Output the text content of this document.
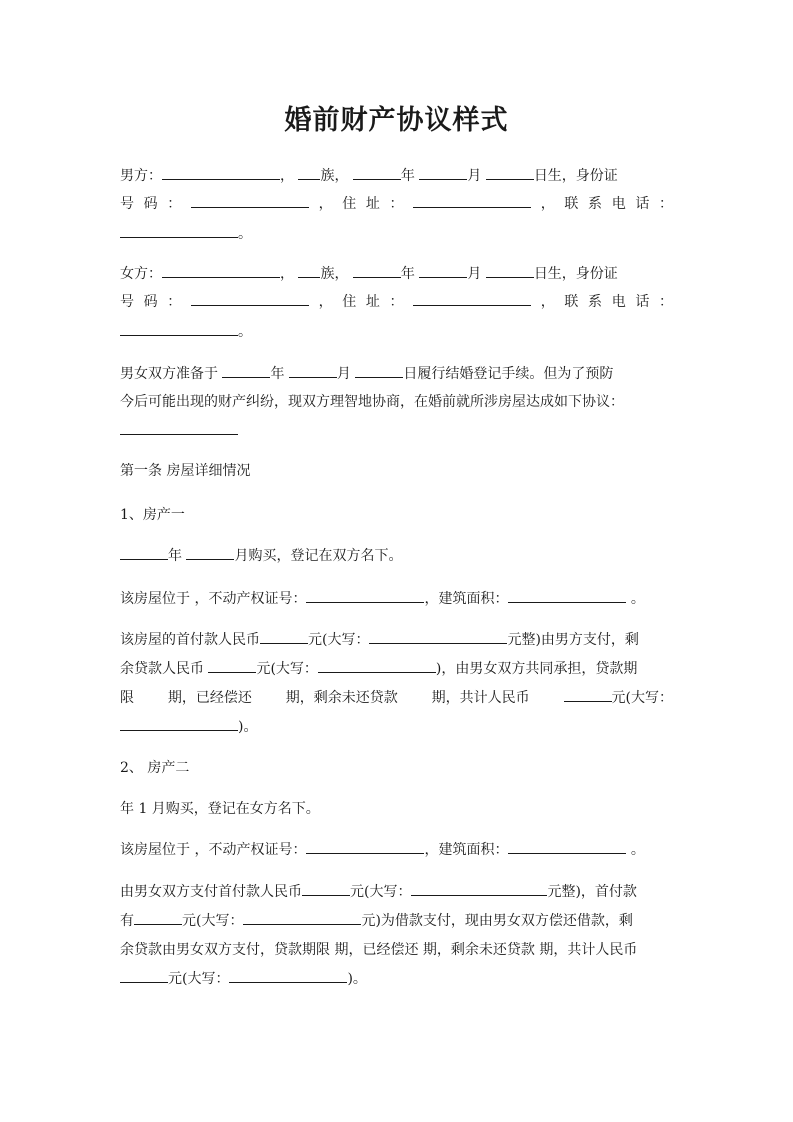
婚前财产协议样式
男方：	， 族，	年	月	日生，身份证
号 码 ：	， 住 址 ：	， 联 系 电 话 ：
。
女方：	， 族，	年	月	日生，身份证
号 码 ：	， 住 址 ：	， 联 系 电 话 ：
。
男女双方准备于	年	月	日履行结婚登记手续。但为了预防
今后可能出现的财产纠纷，现双方理智地协商，在婚前就所涉房屋达成如下协议：
第一条 房屋详细情况
1、房产一
年	月购买，登记在双方名下。
该房屋位于 ，不动产权证号：	，建筑面积：	。
该房屋的首付款人民币	元(大写：	元整)由男方支付，剩
余贷款人民币	元(大写：	)，由男女双方共同承担，贷款期
限 期，已经偿还 期，剩余未还贷款 期，共计人民币	元(大写：
)。
2、 房产二
年 1 月购买，登记在女方名下。
该房屋位于 ，不动产权证号：	，建筑面积：	。
由男女双方支付首付款人民币	元(大写：	元整)，首付款
有	元(大写：	元)为借款支付，现由男女双方偿还借款，剩
余贷款由男女双方支付，贷款期限 期，已经偿还 期，剩余未还贷款 期，共计人民币
元(大写：	)。
